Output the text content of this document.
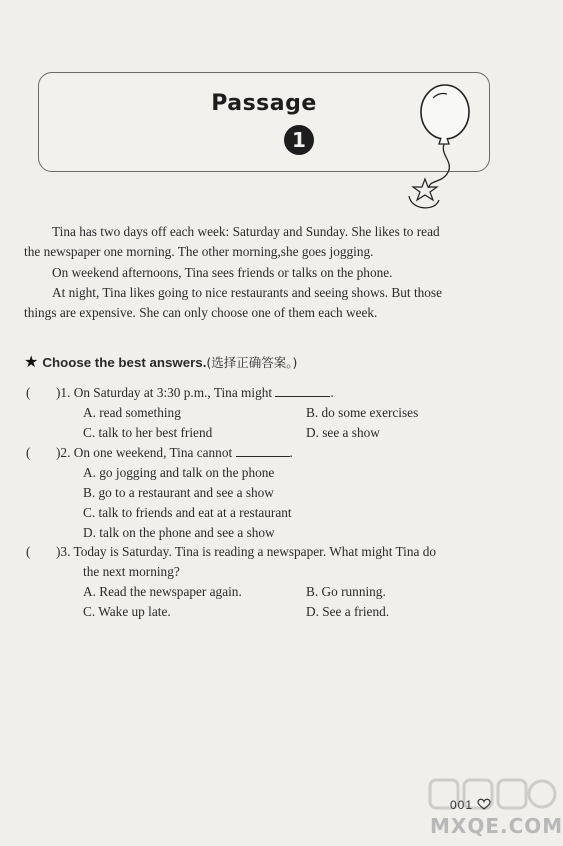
Passage
1
Tina has two days off each week: Saturday and Sunday. She likes to read
the newspaper one morning. The other morning,she goes jogging.
On weekend afternoons, Tina sees friends or talks on the phone.
At night, Tina likes going to nice restaurants and seeing shows. But those
things are expensive. She can only choose one of them each week.
★ Choose the best answers.(选择正确答案。)
( )1. On Saturday at 3:30 p.m., Tina might	.
A. read something	B. do some exercises
C. talk to her best friend	D. see a show
( )2. On one weekend, Tina cannot	.
A. go jogging and talk on the phone
B. go to a restaurant and see a show
C. talk to friends and eat at a restaurant
D. talk on the phone and see a show
( )3. Today is Saturday. Tina is reading a newspaper. What might Tina do
the next morning?
A. Read the newspaper again.	B. Go running.
C. Wake up late.	D. See a friend.
MXQE.COM
001
